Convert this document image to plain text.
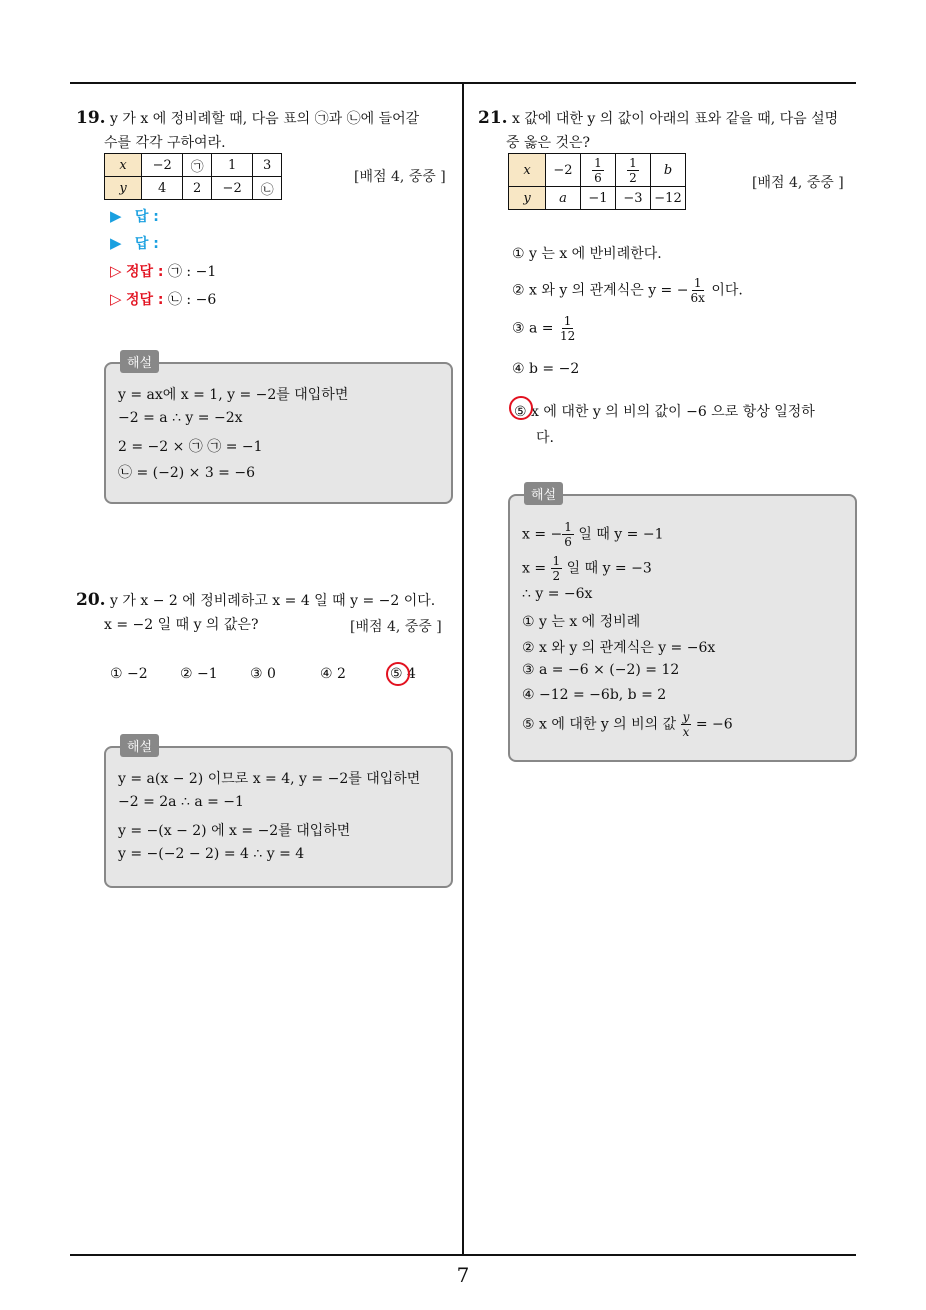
7
19. y 가 x 에 정비례할 때, 다음 표의 ㉠과 ㉡에 들어갈
수를 각각 구하여라.
x	−2	㉠	1	3
y	4	2	−2	㉡
[배점 4, 중중 ]
▶ 답 :
▶ 답 :
▷ 정답 : ㉠ : −1
▷ 정답 : ㉡ : −6
y = ax에 x = 1, y = −2를 대입하면
−2 = a ∴ y = −2x
2 = −2 × ㉠ ㉠ = −1
㉡ = (−2) × 3 = −6
해설
20. y 가 x − 2 에 정비례하고 x = 4 일 때 y = −2 이다.
x = −2 일 때 y 의 값은?	[배점 4, 중중 ]
① −2 ② −1 ③ 0	④ 2	⑤ 4
y = a(x − 2) 이므로 x = 4, y = −2를 대입하면
−2 = 2a ∴ a = −1
y = −(x − 2) 에 x = −2를 대입하면
y = −(−2 − 2) = 4 ∴ y = 4
해설
21. x 값에 대한 y 의 값이 아래의 표와 같을 때, 다음 설명
중 옳은 것은?
x	−2	$\frac{1}{6}$	$\frac{1}{2}$	b
y	a	−1	−3	−12
[배점 4, 중중 ]
① y 는 x 에 반비례한다.
② x 와 y 의 관계식은 y = − $\frac{1}{6x}$ 이다.
③ $a = \frac{1}{12}$
④ b = −2
⑤ x 에 대한 y 의 비의 값이 −6 으로 항상 일정하
다.
x = − $\frac{1}{6}$ 일 때 y = −1
$x = \frac{1}{2}$ 일 때 y = −3
∴ y = −6x
① y 는 x 에 정비례
② x 와 y 의 관계식은 y = −6x
③ a = −6 × (−2) = 12
④ −12 = −6b, b = 2
⑤ x 에 대한 y 의 비의 값 $\frac{y}{x} = -6$
해설
